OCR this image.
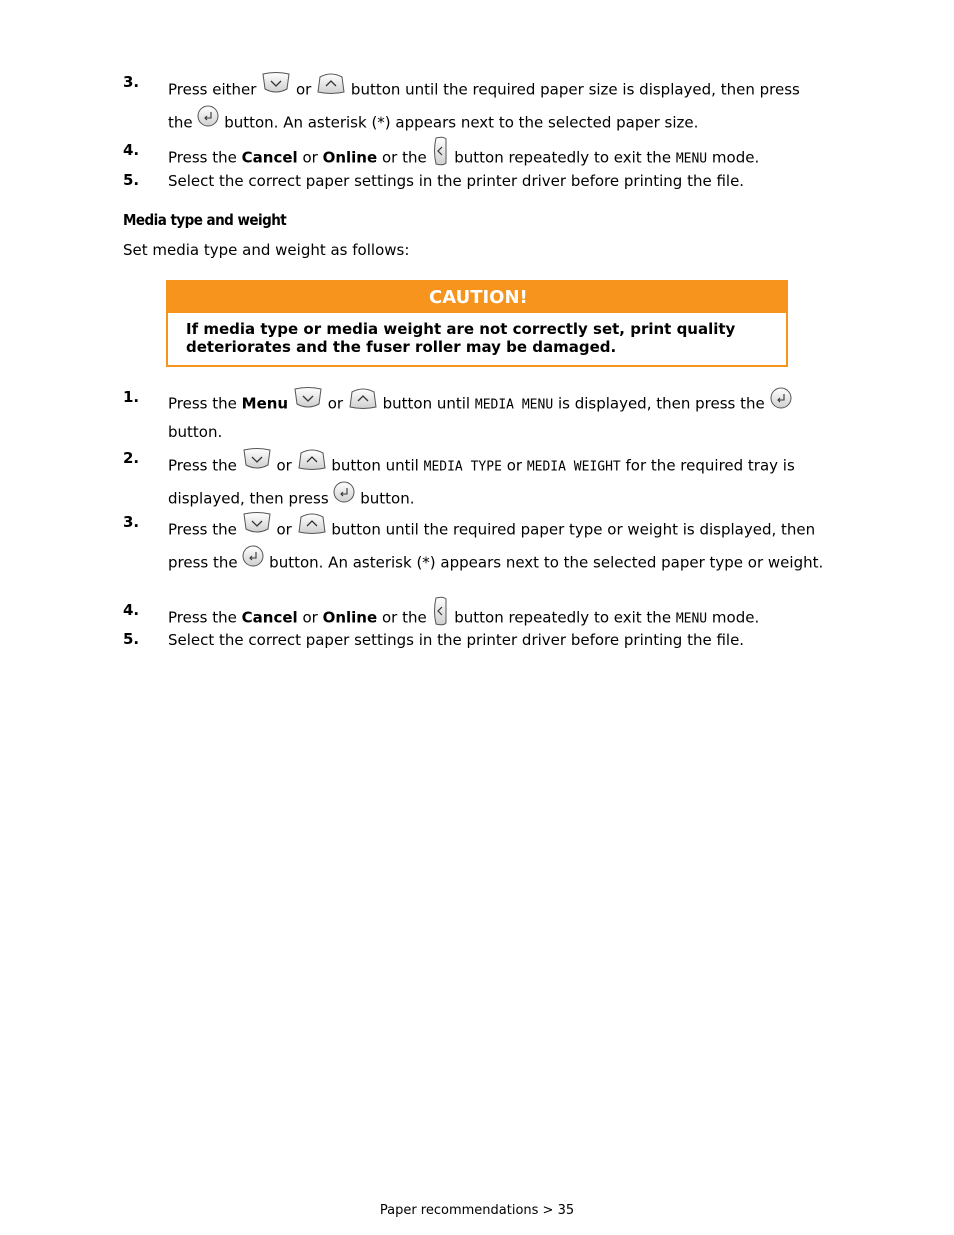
3. Press either	or	button until the required paper size is displayed, then press the button. An asterisk (*) appears next to the selected paper size.
4. Press the Cancel or Online or the button repeatedly to exit the MENU mode.
5. Select the correct paper settings in the printer driver before printing the file.
Media type and weight
Set media type and weight as follows:
CAUTION!
If media type or media weight are not correctly set, print quality deteriorates and the fuser roller may be damaged.
1. Press the Menu	or	button until MEDIA MENU is displayed, then press the  button.
2. Press the	or	button until MEDIA TYPE or MEDIA WEIGHT for the required tray is displayed, then press button.
3. Press the	or	button until the required paper type or weight is displayed, then press the button. An asterisk (*) appears next to the selected paper type or weight.
4. Press the Cancel or Online or the button repeatedly to exit the MENU mode.
5. Select the correct paper settings in the printer driver before printing the file.
Paper recommendations > 35
